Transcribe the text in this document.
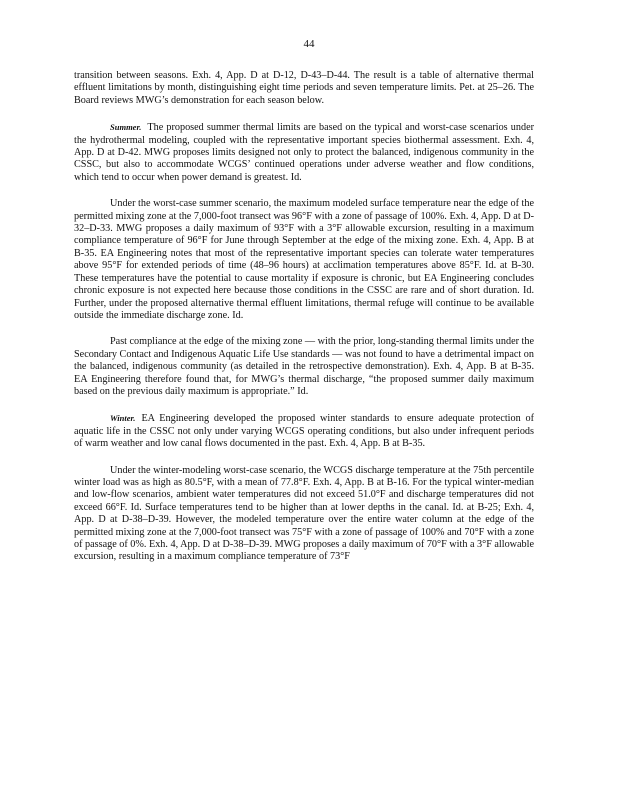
44

transition between seasons. Exh. 4, App. D at D-12, D-43–D-44. The result is a table of alternative thermal effluent limitations by month, distinguishing eight time periods and seven temperature limits. Pet. at 25–26. The Board reviews MWG’s demonstration for each season below.

Summer. The proposed summer thermal limits are based on the typical and worst-case scenarios under the hydrothermal modeling, coupled with the representative important species biothermal assessment. Exh. 4, App. D at D-42. MWG proposes limits designed not only to protect the balanced, indigenous community in the CSSC, but also to accommodate WCGS’ continued operations under adverse weather and flow conditions, which tend to occur when power demand is greatest. Id.

Under the worst-case summer scenario, the maximum modeled surface temperature near the edge of the permitted mixing zone at the 7,000-foot transect was 96°F with a zone of passage of 100%. Exh. 4, App. D at D-32–D-33. MWG proposes a daily maximum of 93°F with a 3°F allowable excursion, resulting in a maximum compliance temperature of 96°F for June through September at the edge of the mixing zone. Exh. 4, App. B at B-35. EA Engineering notes that most of the representative important species can tolerate water temperatures above 95°F for extended periods of time (48–96 hours) at acclimation temperatures above 85°F. Id. at B-30. These temperatures have the potential to cause mortality if exposure is chronic, but EA Engineering concludes chronic exposure is not expected here because those conditions in the CSSC are rare and of short duration. Id. Further, under the proposed alternative thermal effluent limitations, thermal refuge will continue to be available outside the immediate discharge zone. Id.

Past compliance at the edge of the mixing zone — with the prior, long-standing thermal limits under the Secondary Contact and Indigenous Aquatic Life Use standards — was not found to have a detrimental impact on the balanced, indigenous community (as detailed in the retrospective demonstration). Exh. 4, App. B at B-35. EA Engineering therefore found that, for MWG’s thermal discharge, “the proposed summer daily maximum based on the previous daily maximum is appropriate.” Id.

Winter. EA Engineering developed the proposed winter standards to ensure adequate protection of aquatic life in the CSSC not only under varying WCGS operating conditions, but also under infrequent periods of warm weather and low canal flows documented in the past. Exh. 4, App. B at B-35.

Under the winter-modeling worst-case scenario, the WCGS discharge temperature at the 75th percentile winter load was as high as 80.5°F, with a mean of 77.8°F. Exh. 4, App. B at B-16. For the typical winter-median and low-flow scenarios, ambient water temperatures did not exceed 51.0°F and discharge temperatures did not exceed 66°F. Id. Surface temperatures tend to be higher than at lower depths in the canal. Id. at B-25; Exh. 4, App. D at D-38–D-39. However, the modeled temperature over the entire water column at the edge of the permitted mixing zone at the 7,000-foot transect was 75°F with a zone of passage of 100% and 70°F with a zone of passage of 0%. Exh. 4, App. D at D-38–D-39. MWG proposes a daily maximum of 70°F with a 3°F allowable excursion, resulting in a maximum compliance temperature of 73°F
